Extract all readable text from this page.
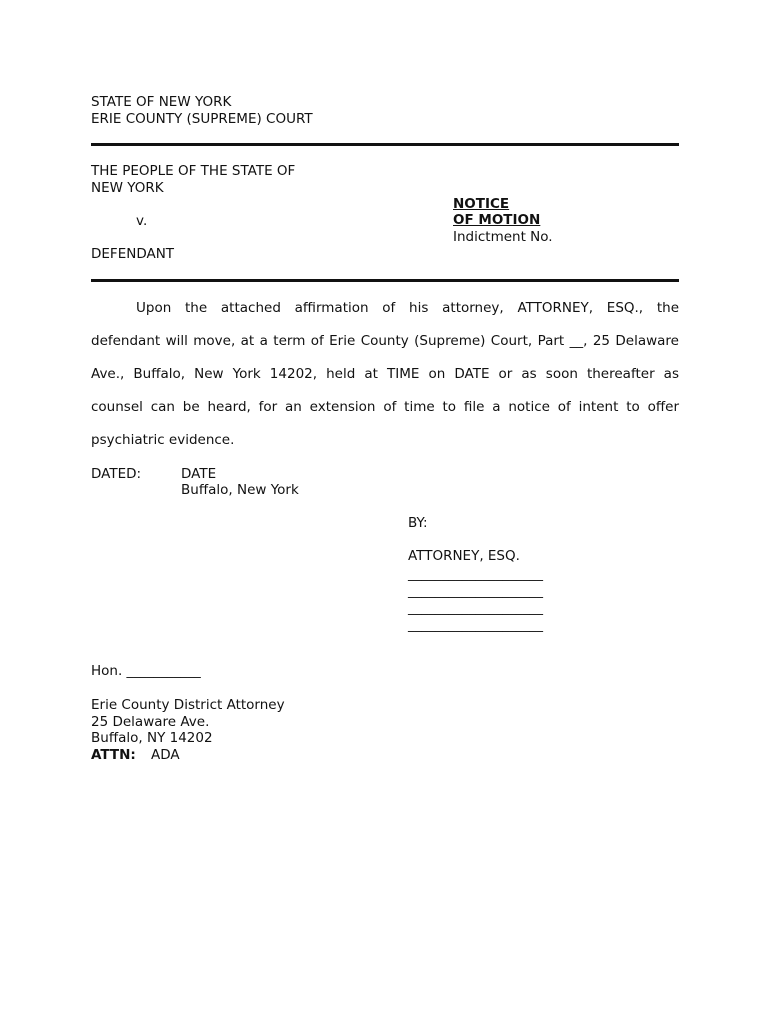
STATE OF NEW YORK
ERIE COUNTY (SUPREME) COURT
THE PEOPLE OF THE STATE OF
NEW YORK
v.
DEFENDANT
NOTICE
OF MOTION
Indictment No.
Upon the attached affirmation of his attorney, ATTORNEY, ESQ., the
defendant will move, at a term of Erie County (Supreme) Court, Part __, 25 Delaware
Ave., Buffalo, New York 14202, held at TIME on DATE or as soon thereafter as
counsel can be heard, for an extension of time to file a notice of intent to offer
psychiatric evidence.
DATED:	DATE
Buffalo, New York
BY:
ATTORNEY, ESQ.
____________________
____________________
____________________
____________________
Hon. ___________
Erie County District Attorney
25 Delaware Ave.
Buffalo, NY 14202
ATTN: ADA
